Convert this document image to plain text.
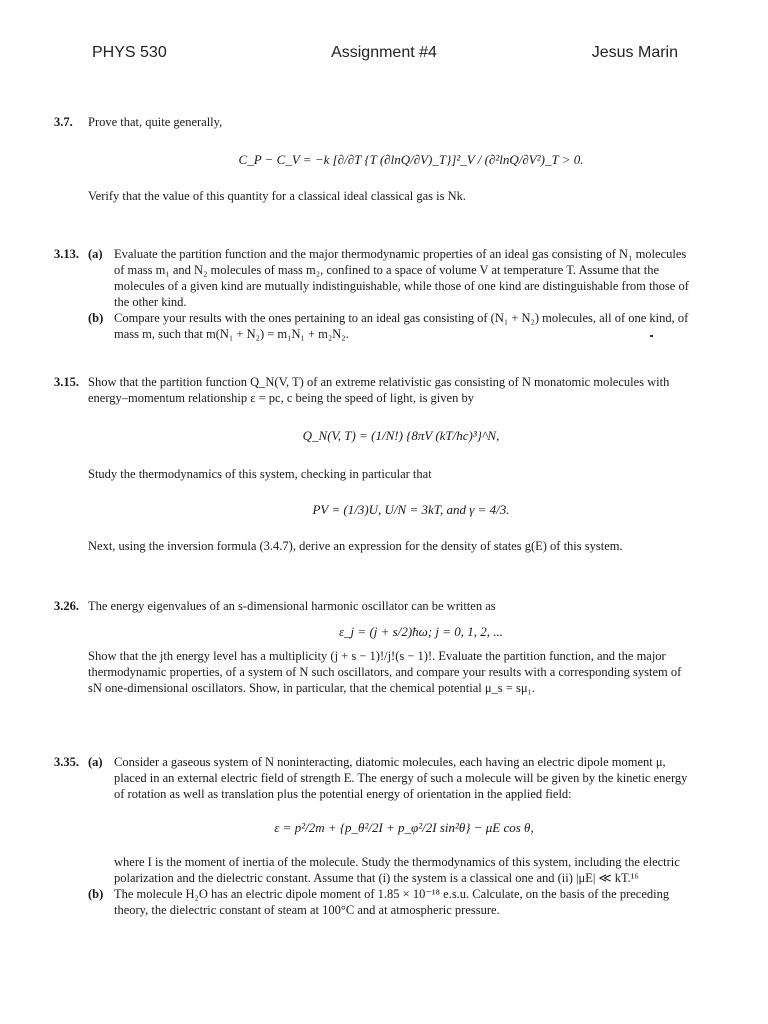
PHYS 530	Assignment #4	Jesus Marin
3.7. Prove that, quite generally,

C_P − C_V = −k [∂/∂T {T (∂lnQ/∂V)_T}]²_V / (∂²lnQ/∂V²)_T > 0.

Verify that the value of this quantity for a classical ideal classical gas is Nk.

3.13. (a) Evaluate the partition function and the major thermodynamic properties of an ideal gas consisting of N₁ molecules of mass m₁ and N₂ molecules of mass m₂, confined to a space of volume V at temperature T. Assume that the molecules of a given kind are mutually indistinguishable, while those of one kind are distinguishable from those of the other kind.

(b) Compare your results with the ones pertaining to an ideal gas consisting of (N₁ + N₂) molecules, all of one kind, of mass m, such that m(N₁ + N₂) = m₁N₁ + m₂N₂.

3.15. Show that the partition function Q_N(V, T) of an extreme relativistic gas consisting of N monatomic molecules with energy–momentum relationship ε = pc, c being the speed of light, is given by

Q_N(V, T) = (1/N!) {8πV (kT/hc)³}^N,

Study the thermodynamics of this system, checking in particular that

PV = (1/3)U, U/N = 3kT, and γ = 4/3.

Next, using the inversion formula (3.4.7), derive an expression for the density of states g(E) of this system.

3.26. The energy eigenvalues of an s-dimensional harmonic oscillator can be written as

ε_j = (j + s/2)ħω; j = 0, 1, 2, ...

Show that the jth energy level has a multiplicity (j + s − 1)!/j!(s − 1)!. Evaluate the partition function, and the major thermodynamic properties, of a system of N such oscillators, and compare your results with a corresponding system of sN one-dimensional oscillators. Show, in particular, that the chemical potential μ_s = sμ₁.

3.35. (a) Consider a gaseous system of N noninteracting, diatomic molecules, each having an electric dipole moment μ, placed in an external electric field of strength E. The energy of such a molecule will be given by the kinetic energy of rotation as well as translation plus the potential energy of orientation in the applied field:

ε = p²/2m + {p_θ²/2I + p_φ²/2I sin²θ} − μE cos θ,

where I is the moment of inertia of the molecule. Study the thermodynamics of this system, including the electric polarization and the dielectric constant. Assume that (i) the system is a classical one and (ii) |μE| ≪ kT.¹⁶

(b) The molecule H₂O has an electric dipole moment of 1.85 × 10⁻¹⁸ e.s.u. Calculate, on the basis of the preceding theory, the dielectric constant of steam at 100°C and at atmospheric pressure.
